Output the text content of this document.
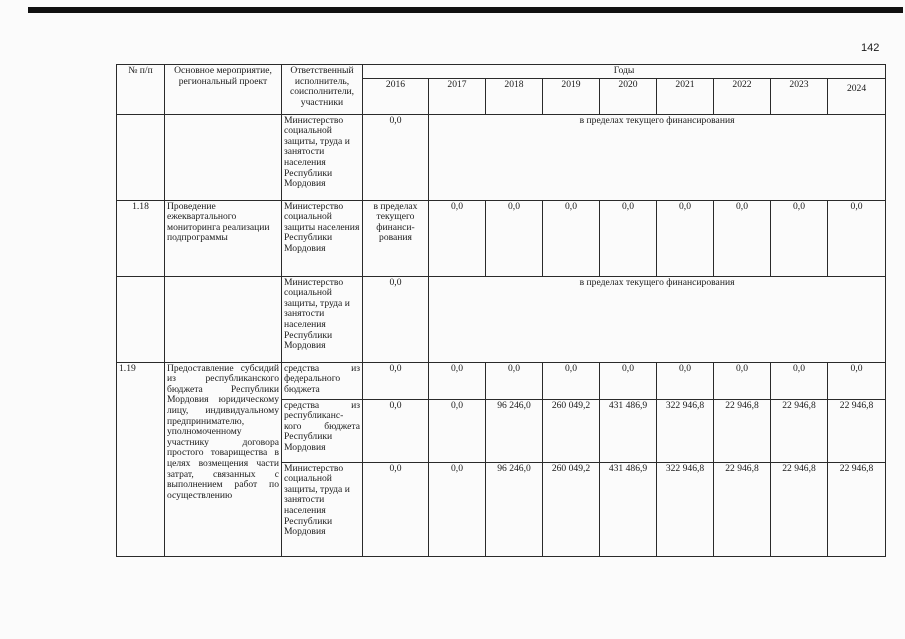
142
№ п/п	Основное мероприятие, региональный проект	Ответственный исполнитель, соисполнители, участники	Годы								
			2016	2017	2018	2019	2020	2021	2022	2023	2024
		Министерство социальной защиты, труда и занятости населения Республики Мордовия	0,0	в пределах текущего финансирования							
1.18	Проведение ежеквартального мониторинга реализации подпрограммы	Министерство социальной защиты населения Республики Мордовия	в пределах текущего финанси-рования	0,0	0,0	0,0	0,0	0,0	0,0	0,0	0,0
		Министерство социальной защиты, труда и занятости населения Республики Мордовия	0,0	в пределах текущего финансирования							
1.19	Предоставление субсидий из республиканского бюджета Республики Мордовия юридическому лицу, индивидуальному предпринимателю, уполномоченному участнику договора простого товарищества в целях возмещения части затрат, связанных с выполнением работ по осуществлению	средства из федерального бюджета	0,0	0,0	0,0	0,0	0,0	0,0	0,0	0,0	0,0
		средства из республиканс-кого бюджета Республики Мордовия	0,0	0,0	96 246,0	260 049,2	431 486,9	322 946,8	22 946,8	22 946,8	22 946,8
		Министерство социальной защиты, труда и занятости населения Республики Мордовия	0,0	0,0	96 246,0	260 049,2	431 486,9	322 946,8	22 946,8	22 946,8	22 946,8
